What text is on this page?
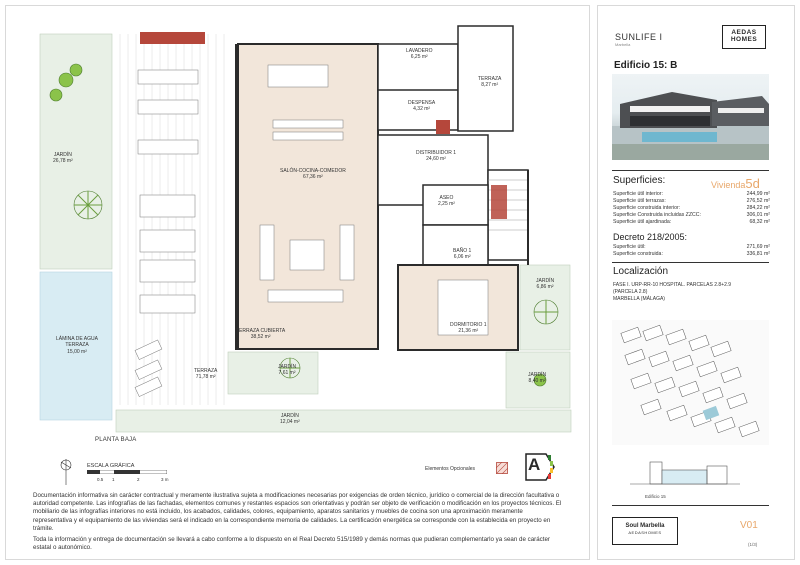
JARDÍN
26,78 m²
LÁMINA DE AGUA TERRAZA
15,00 m²
SALÓN-COCINA-COMEDOR
67,36 m²
LAVADERO
6,25 m²
DESPENSA
4,32 m²
TERRAZA
8,27 m²
DISTRIBUIDOR 1
24,60 m²
ASEO
2,25 m²
BAÑO 1
6,06 m²
DORMITORIO 1
21,36 m²
JARDÍN
6,86 m²
TERRAZA CUBIERTA
38,52 m²
TERRAZA
71,78 m²
JARDÍN
7,61 m²	JARDÍN
8,40 m²
JARDÍN
12,04 m²
PLANTA BAJA
ESCALA GRÁFICA
0.5 1	2	3 m
Elementos Opcionales	A
Documentación informativa sin carácter contractual y meramente ilustrativa sujeta a modificaciones necesarias por exigencias de orden técnico, jurídico o comercial de la dirección facultativa o autoridad competente. Las infografías de las fachadas, elementos comunes y restantes espacios son orientativas y podrán ser objeto de verificación o modificación en los proyectos técnicos. El mobiliario de las infografías interiores no está incluido, los acabados, calidades, colores, equipamiento, aparatos sanitarios y muebles de cocina son una aproximación meramente representativa y el equipamiento de las viviendas será el indicado en la correspondiente memoria de calidades. La certificación energética se corresponde con la establecida en proyecto en trámite.
Toda la información y entrega de documentación se llevará a cabo conforme a lo dispuesto en el Real Decreto 515/1989 y demás normas que pudieran complementarlo ya sean de carácter estatal o autonómico.
SUNLIFE I
Marbella
AEDAS
HOMES
Edificio 15: B
Superficies:	Vivienda5d
Superficie útil interior:	244,99 m²
Superficie útil terrazas:	276,52 m²
Superficie construida interior:	284,22 m²
Superficie Construida incluidas ZZCC:	306,01 m²
Superficie útil ajardinada:	68,32 m²
Decreto 218/2005:
Superficie útil:	271,69 m²
Superficie construida:	336,81 m²
Localización
FASE I. URP-RR-10 HOSPITAL. PARCELAS 2.8+2.9
(PARCELA 2.8)
MARBELLA (MÁLAGA)
Edificio 15
Soul Marbella
AEDASHOMES
V01
(1/3)
